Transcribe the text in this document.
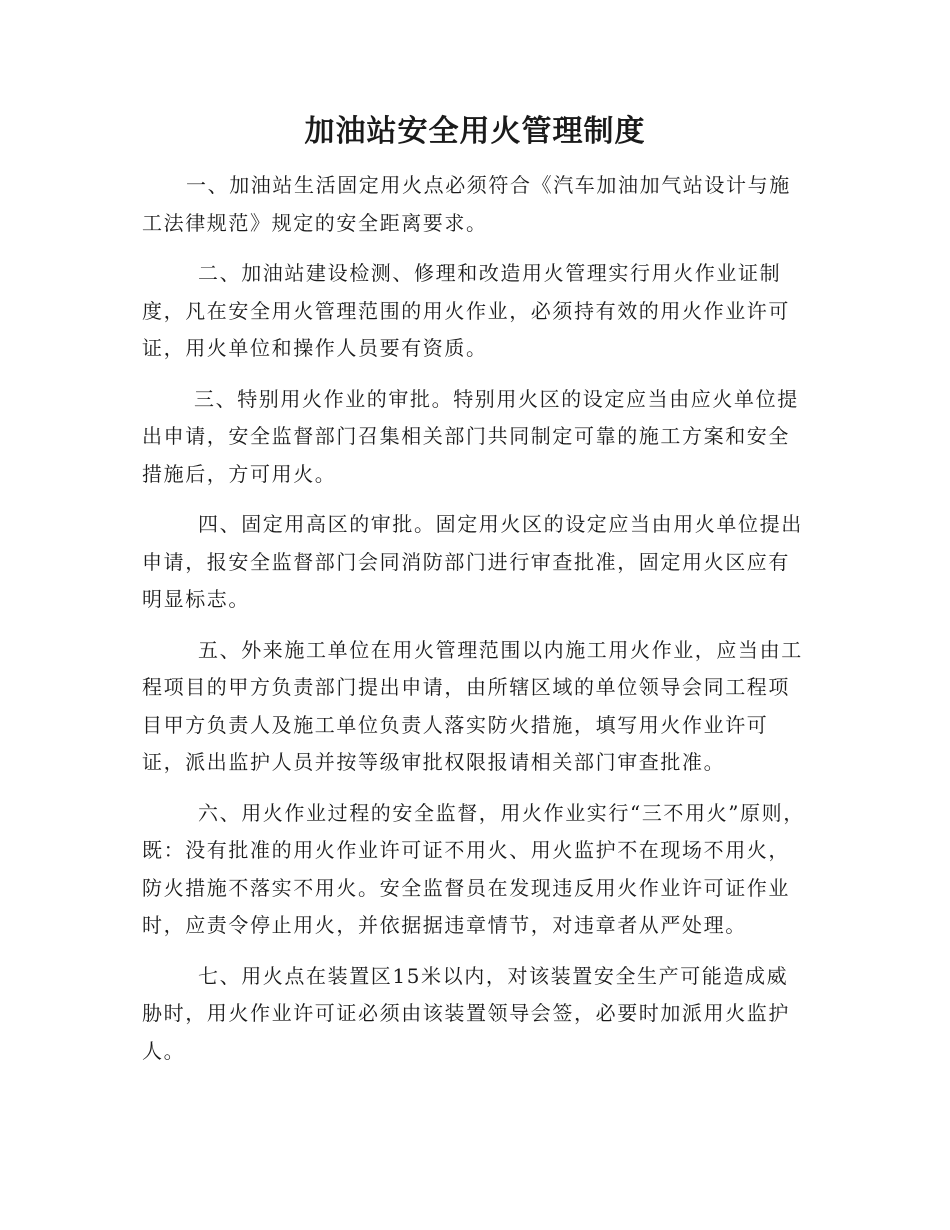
加油站安全用火管理制度

一、加油站生活固定用火点必须符合《汽车加油加气站设计与施工法律规范》规定的安全距离要求。

二、加油站建设检测、修理和改造用火管理实行用火作业证制度，凡在安全用火管理范围的用火作业，必须持有效的用火作业许可证，用火单位和操作人员要有资质。

三、特别用火作业的审批。特别用火区的设定应当由应火单位提出申请，安全监督部门召集相关部门共同制定可靠的施工方案和安全措施后，方可用火。

四、固定用高区的审批。固定用火区的设定应当由用火单位提出申请，报安全监督部门会同消防部门进行审查批准，固定用火区应有明显标志。

五、外来施工单位在用火管理范围以内施工用火作业，应当由工程项目的甲方负责部门提出申请，由所辖区域的单位领导会同工程项目甲方负责人及施工单位负责人落实防火措施，填写用火作业许可证，派出监护人员并按等级审批权限报请相关部门审查批准。

六、用火作业过程的安全监督，用火作业实行“三不用火”原则，既：没有批准的用火作业许可证不用火、用火监护不在现场不用火，防火措施不落实不用火。安全监督员在发现违反用火作业许可证作业时，应责令停止用火，并依据据违章情节，对违章者从严处理。

七、用火点在装置区15米以内，对该装置安全生产可能造成威胁时，用火作业许可证必须由该装置领导会签，必要时加派用火监护人。
